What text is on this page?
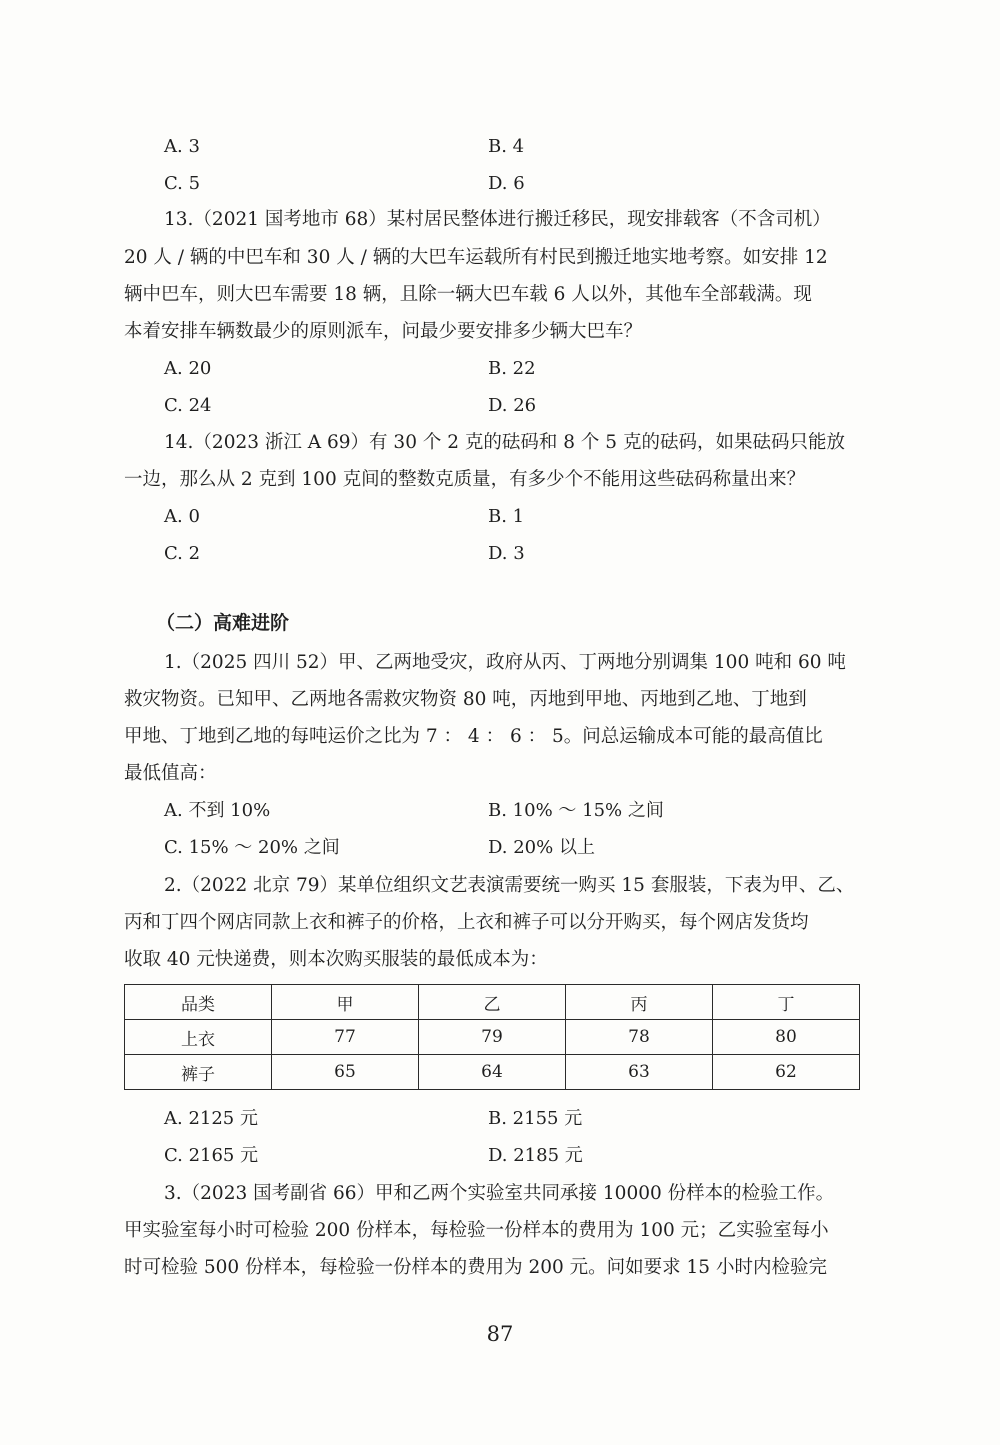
A. 3	B. 4
C. 5	D. 6
13.（2021 国考地市 68）某村居民整体进行搬迁移民，现安排载客（不含司机）
20 人 / 辆的中巴车和 30 人 / 辆的大巴车运载所有村民到搬迁地实地考察。如安排 12
辆中巴车，则大巴车需要 18 辆，且除一辆大巴车载 6 人以外，其他车全部载满。现
本着安排车辆数最少的原则派车，问最少要安排多少辆大巴车？
A. 20	B. 22
C. 24	D. 26
14.（2023 浙江 A 69）有 30 个 2 克的砝码和 8 个 5 克的砝码，如果砝码只能放
一边，那么从 2 克到 100 克间的整数克质量，有多少个不能用这些砝码称量出来？
A. 0	B. 1
C. 2	D. 3
（二）高难进阶
1.（2025 四川 52）甲、乙两地受灾，政府从丙、丁两地分别调集 100 吨和 60 吨
救灾物资。已知甲、乙两地各需救灾物资 80 吨，丙地到甲地、丙地到乙地、丁地到
甲地、丁地到乙地的每吨运价之比为 7 ： 4 ： 6 ： 5。问总运输成本可能的最高值比
最低值高：
A. 不到 10%	B. 10% ～ 15% 之间
C. 15% ～ 20% 之间	D. 20% 以上
2.（2022 北京 79）某单位组织文艺表演需要统一购买 15 套服装，下表为甲、乙、
丙和丁四个网店同款上衣和裤子的价格，上衣和裤子可以分开购买，每个网店发货均
收取 40 元快递费，则本次购买服装的最低成本为：
品类	甲	乙	丙	丁
上衣	77	79	78	80
裤子	65	64	63	62
A. 2125 元	B. 2155 元
C. 2165 元	D. 2185 元
3.（2023 国考副省 66）甲和乙两个实验室共同承接 10000 份样本的检验工作。
甲实验室每小时可检验 200 份样本，每检验一份样本的费用为 100 元；乙实验室每小
时可检验 500 份样本，每检验一份样本的费用为 200 元。问如要求 15 小时内检验完
87
